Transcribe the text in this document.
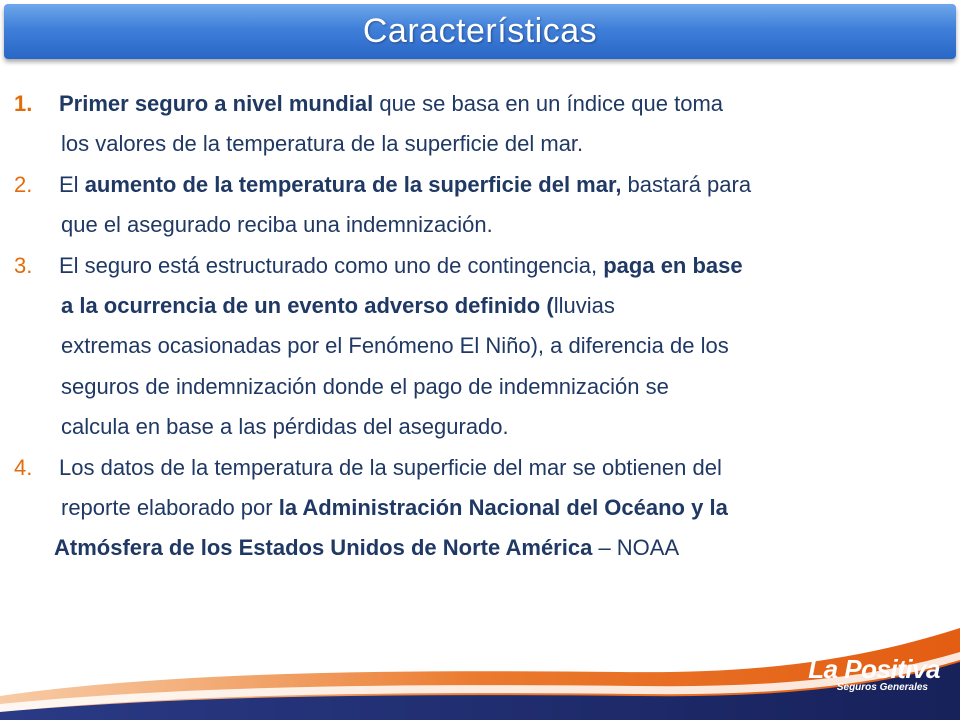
Características
1. Primer seguro a nivel mundial que se basa en un índice que toma
los valores de la temperatura de la superficie del mar.
2. El aumento de la temperatura de la superficie del mar, bastará para
que el asegurado reciba una indemnización.
3. El seguro está estructurado como uno de contingencia, paga en base
a la ocurrencia de un evento adverso definido (lluvias
extremas ocasionadas por el Fenómeno El Niño), a diferencia de los
seguros de indemnización donde el pago de indemnización se
calcula en base a las pérdidas del asegurado.
4. Los datos de la temperatura de la superficie del mar se obtienen del
reporte elaborado por la Administración Nacional del Océano y la
Atmósfera de los Estados Unidos de Norte América – NOAA
La Positiva
Seguros Generales
